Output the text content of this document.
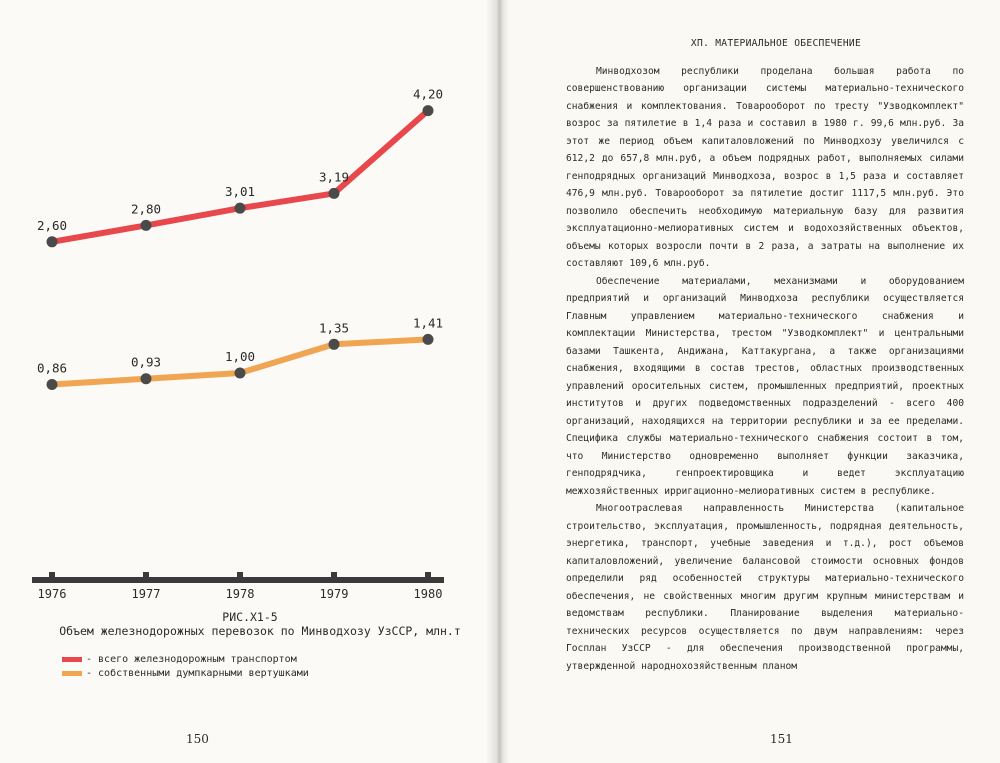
1976	1977	1978	1979	1980
2,60
2,80
3,01
3,19
4,20
0,86	0,93	1,00
1,35	1,41
РИС.Х1-5
Объем железнодорожных перевозок по Минводхозу УзССР, млн.т
- всего железнодорожным транспортом
- собственными думпкарными вертушками
150
ХП. МАТЕРИАЛЬНОЕ ОБЕСПЕЧЕНИЕ

Минводхозом республики проделана большая работа по совершенствованию организации системы материально-технического снабжения и комплектования. Товарооборот по тресту "Узводкомплект" возрос за пятилетие в 1,4 раза и составил в 1980 г. 99,6 млн.руб. За этот же период объем капиталовложений по Минводхозу увеличился с 612,2 до 657,8 млн.руб, а объем подрядных работ, выполняемых силами генподрядных организаций Минводхоза, возрос в 1,5 раза и составляет 476,9 млн.руб. Товарооборот за пятилетие достиг 1117,5 млн.руб. Это позволило обеспечить необходимую материальную базу для развития эксплуатационно-мелиоративных систем и водохозяйственных объектов, объемы которых возросли почти в 2 раза, а затраты на выполнение их составляют 109,6 млн.руб.

Обеспечение материалами, механизмами и оборудованием предприятий и организаций Минводхоза республики осуществляется Главным управлением материально-технического снабжения и комплектации Министерства, трестом "Узводкомплект" и центральными базами Ташкента, Андижана, Каттакургана, а также организациями снабжения, входящими в состав трестов, областных производственных управлений оросительных систем, промышленных предприятий, проектных институтов и других подведомственных подразделений - всего 400 организаций, находящихся на территории республики и за ее пределами. Специфика службы материально-технического снабжения состоит в том, что Министерство одновременно выполняет функции заказчика, генподрядчика, генпроектировщика и ведет эксплуатацию межхозяйственных ирригационно-мелиоративных систем в республике.

Многоотраслевая направленность Министерства (капитальное строительство, эксплуатация, промышленность, подрядная деятельность, энергетика, транспорт, учебные заведения и т.д.), рост объемов капиталовложений, увеличение балансовой стоимости основных фондов определили ряд особенностей структуры материально-технического обеспечения, не свойственных многим другим крупным министерствам и ведомствам республики. Планирование выделения материально-технических ресурсов осуществляется по двум направлениям: через Госплан УзССР - для обеспечения производственной программы, утвержденной народнохозяйственным планом

151
